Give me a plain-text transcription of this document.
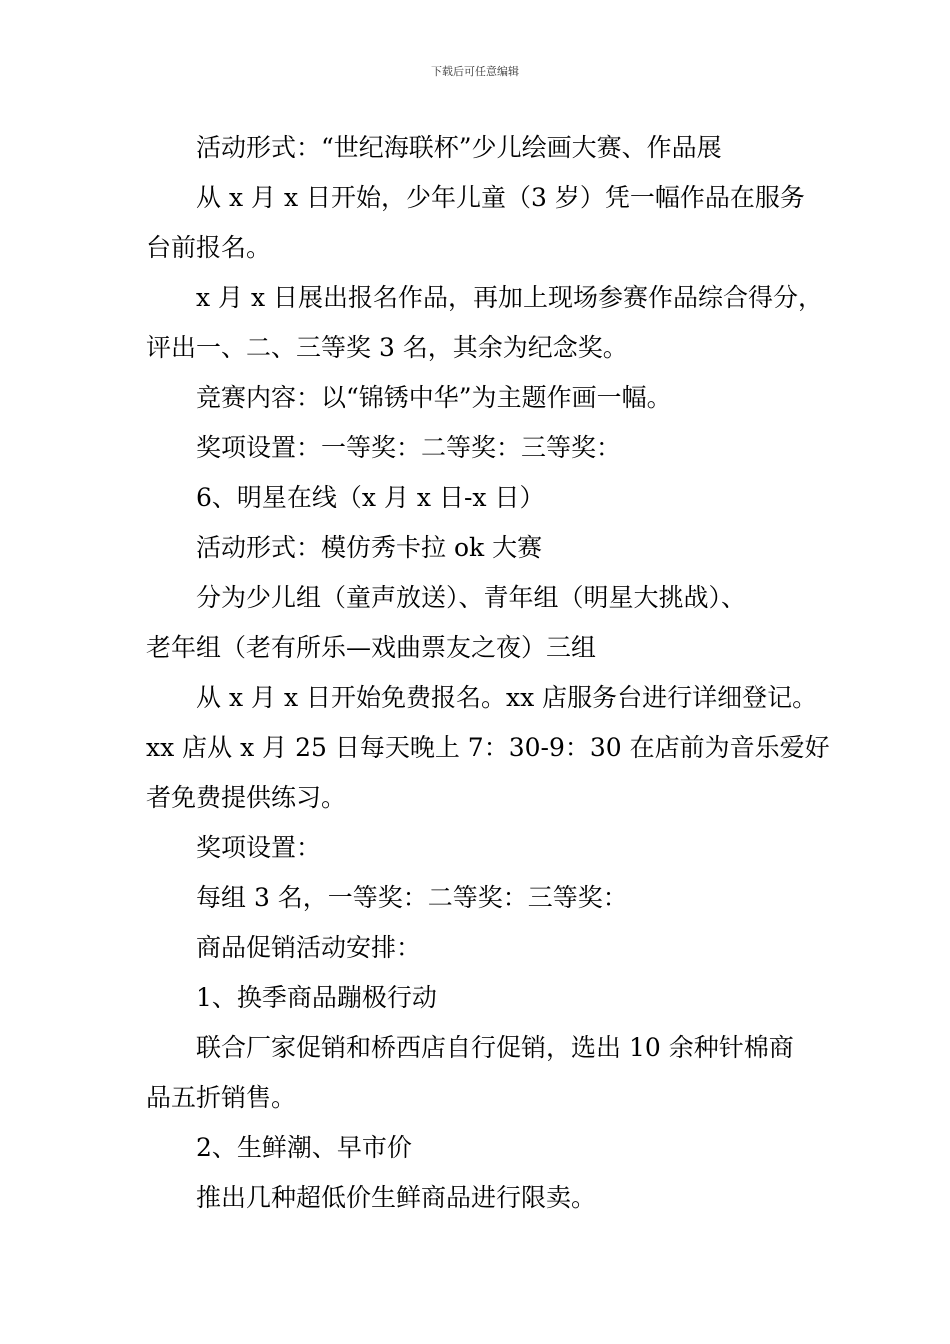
下载后可任意编辑
活动形式：“世纪海联杯”少儿绘画大赛、作品展
从 x 月 x 日开始，少年儿童（3 岁）凭一幅作品在服务
台前报名。
x 月 x 日展出报名作品，再加上现场参赛作品综合得分，
评出一、二、三等奖 3 名，其余为纪念奖。
竞赛内容：以“锦锈中华”为主题作画一幅。
奖项设置：一等奖：二等奖：三等奖：
6、明星在线（x 月 x 日-x 日）
活动形式：模仿秀卡拉 ok 大赛
分为少儿组（童声放送）、青年组（明星大挑战）、
老年组（老有所乐—戏曲票友之夜）三组
从 x 月 x 日开始免费报名。xx 店服务台进行详细登记。
xx 店从 x 月 25 日每天晚上 7：30-9：30 在店前为音乐爱好
者免费提供练习。
奖项设置：
每组 3 名，一等奖：二等奖：三等奖：
商品促销活动安排：
1、换季商品蹦极行动
联合厂家促销和桥西店自行促销，选出 10 余种针棉商
品五折销售。
2、生鲜潮、早市价
推出几种超低价生鲜商品进行限卖。
